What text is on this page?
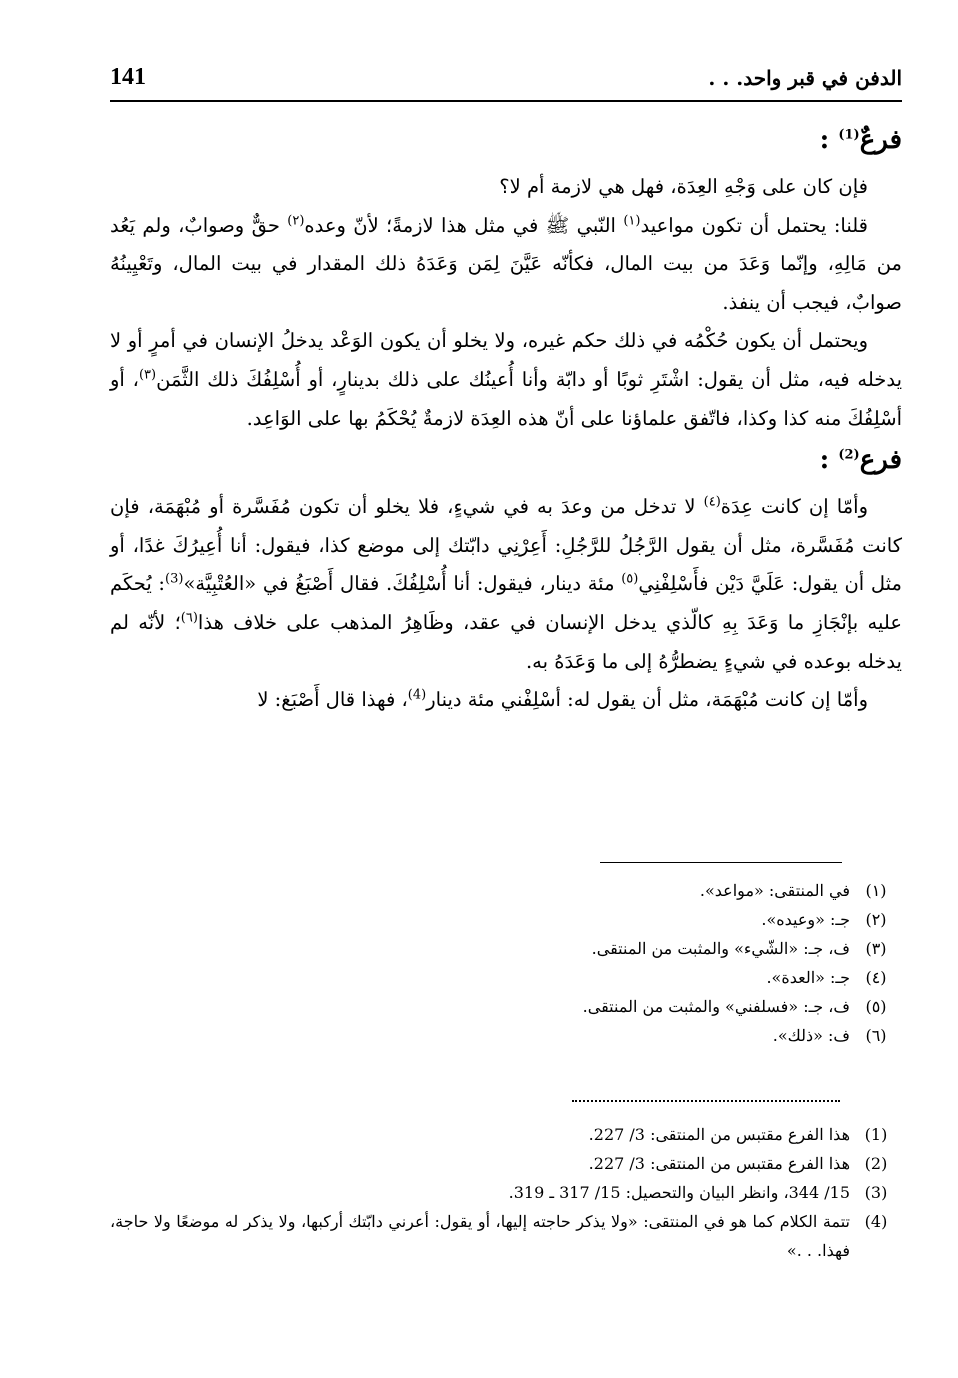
141	الدفن في قبر واحد. . .
فرعٌ$^{(1)}$ :

فإن كان على وَجْهِ العِدَة، فهل هي لازمة أم لا؟

قلنا: يحتمل أن تكون مواعيد$^{(١)}$ النّبي ﷺ في مثل هذا لازمةً؛ لأنّ وعده$^{(٢)}$ حقٌّ وصوابٌ، ولم يَعُد من مَالِهِ، وإنّما وَعَدَ من بيت المال، فكأنّه عَيَّنَ لِمَن وَعَدَهُ ذلك المقدار في بيت المال، وتَعْيِينُهُ صوابٌ، فيجب أن ينفذ.

ويحتمل أن يكون حُكْمُه في ذلك حكم غيره، ولا يخلو أن يكون الوَعْد يدخلُ الإنسان في أمرٍ أو لا يدخله فيه، مثل أن يقول: اشْتَرِ ثوبًا أو دابّة وأنا أُعينُك على ذلك بدينارٍ، أو أُسْلِفُكَ ذلك الثَّمَن$^{(٣)}$، أو أسْلِفُكَ منه كذا وكذا، فاتّفق علماؤنا على أنّ هذه العِدَة لازمةٌ يُحْكَمُ بها على الوَاعِد.

فرع$^{(2)}$ :

وأمّا إن كانت عِدَة$^{(٤)}$ لا تدخل من وعدَ به في شيءٍ، فلا يخلو أن تكون مُفَسَّرة أو مُبْهَمَة، فإن كانت مُفَسَّرة، مثل أن يقول الرَّجُلُ للرَّجُلِ: أَعِرْنِي دابّتك إلى موضع كذا، فيقول: أنا أُعِيرُكَ غدًا، أو مثل أن يقول: عَلَيَّ دَيْن فأَسْلِفْنِي$^{(٥)}$ مئة دينار، فيقول: أنا أُسْلِفُكَ. فقال أَصْبَغُ في «العُتْبِيَّة»$^{(3)}$: يُحكَم عليه بإنْجَازِ ما وَعَدَ بِهِ كالّذي يدخل الإنسان في عقد، وظَاهِرُ المذهب على خلاف هذا$^{(٦)}$؛ لأنّه لم يدخله بوعده في شيءٍ يضطرُّهُ إلى ما وَعَدَهُ به.

وأمّا إن كانت مُبْهَمَة، مثل أن يقول له: أسْلِفْني مئة دينار$^{(4)}$، فهذا قال أَصْبَغ: لا

(١)
في المنتقى: «مواعد».
(٢)
جـ: «وعيده».
(٣)
ف، جـ: «الشّيء» والمثبت من المنتقى.
(٤)
جـ: «العدة».
(٥)
ف، جـ: «فسلفني» والمثبت من المنتقى.
(٦)
ف: «ذلك».
(1)
هذا الفرع مقتبس من المنتقى: 3/ 227.
(2)
هذا الفرع مقتبس من المنتقى: 3/ 227.
(3)
15/ 344، وانظر البيان والتحصيل: 15/ 317 ـ 319.
(4)
تتمة الكلام كما هو في المنتقى: «ولا يذكر حاجته إليها، أو يقول: أعرني دابّتك أركبها، ولا يذكر له موضعًا ولا حاجة، فهذا. . .»
